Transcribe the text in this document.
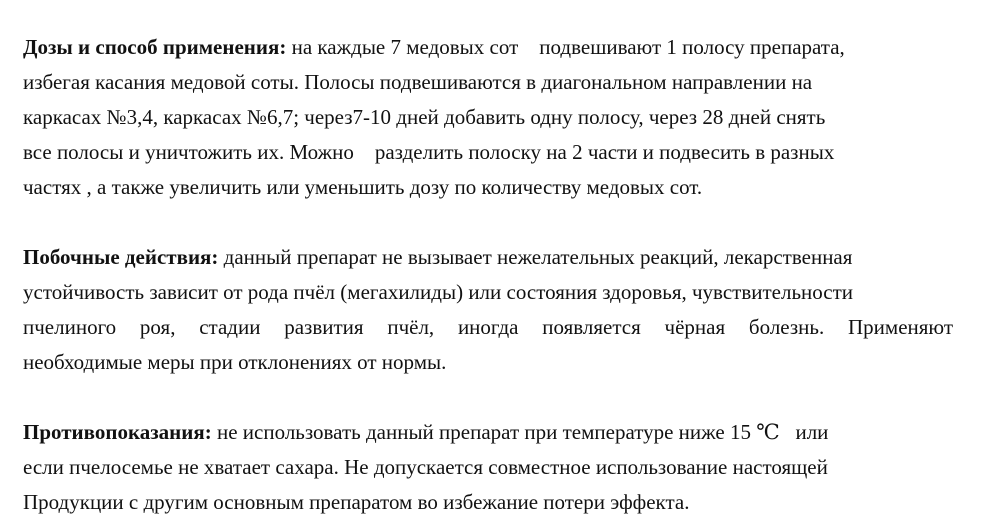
Дозы и способ применения: на каждые 7 медовых сот    подвешивают 1 полосу препарата,
избегая касания медовой соты. Полосы подвешиваются в диагональном направлении на
каркасах №3,4, каркасах №6,7; через7-10 дней добавить одну полосу, через 28 дней снять
все полосы и уничтожить их. Можно    разделить полоску на 2 части и подвесить в разных
частях , а также увеличить или уменьшить дозу по количеству медовых сот.
Побочные действия: данный препарат не вызывает нежелательных реакций, лекарственная
устойчивость зависит от рода пчёл (мегахилиды) или состояния здоровья, чувствительности
пчелиного роя, стадии развития пчёл, иногда появляется чёрная болезнь. Применяют
необходимые меры при отклонениях от нормы.
Противопоказания: не использовать данный препарат при температуре ниже 15 ℃   или
если пчелосемье не хватает сахара. Не допускается совместное использование настоящей
Продукции с другим основным препаратом во избежание потери эффекта.
